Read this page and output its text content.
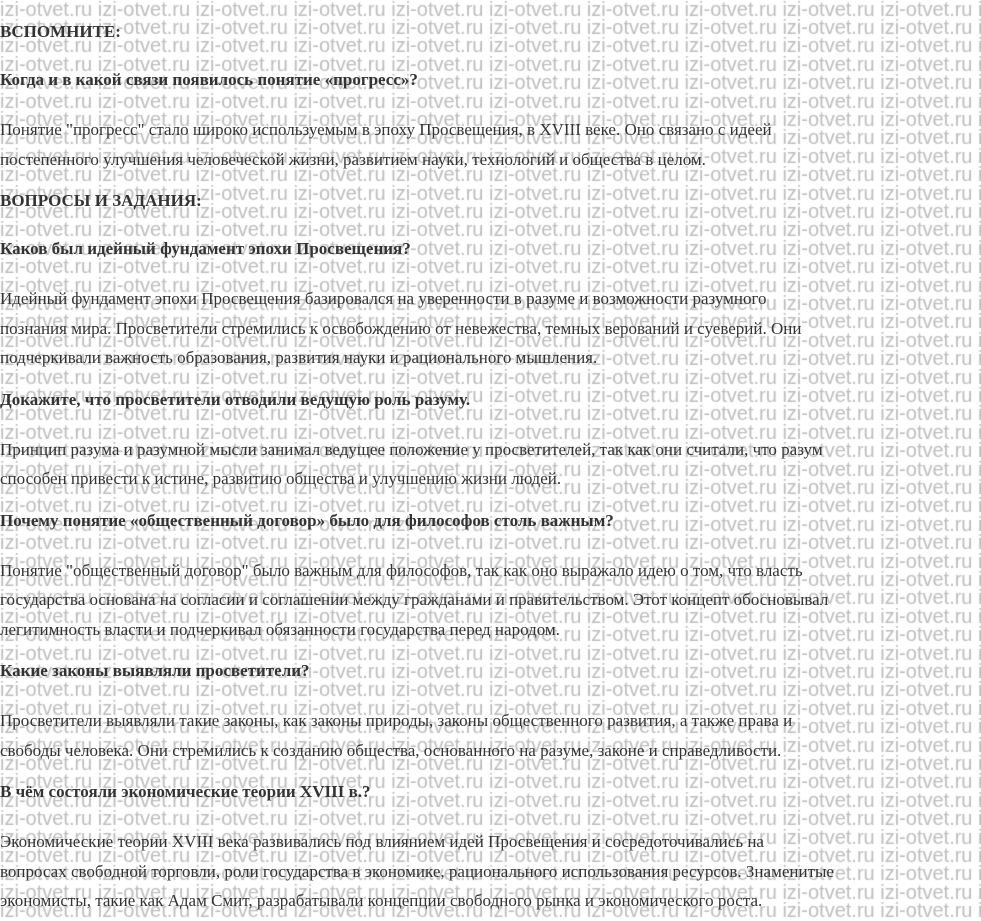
ВСПОМНИТЕ:
Когда и в какой связи появилось понятие «прогресс»?
Понятие "прогресс" стало широко используемым в эпоху Просвещения, в XVIII веке. Оно связано с идеей
постепенного улучшения человеческой жизни, развитием науки, технологий и общества в целом.
ВОПРОСЫ И ЗАДАНИЯ:
Каков был идейный фундамент эпохи Просвещения?
Идейный фундамент эпохи Просвещения базировался на уверенности в разуме и возможности разумного
познания мира. Просветители стремились к освобождению от невежества, темных верований и суеверий. Они
подчеркивали важность образования, развития науки и рационального мышления.
Докажите, что просветители отводили ведущую роль разуму.
Принцип разума и разумной мысли занимал ведущее положение у просветителей, так как они считали, что разум
способен привести к истине, развитию общества и улучшению жизни людей.
Почему понятие «общественный договор» было для философов столь важным?
Понятие "общественный договор" было важным для философов, так как оно выражало идею о том, что власть
государства основана на согласии и соглашении между гражданами и правительством. Этот концепт обосновывал
легитимность власти и подчеркивал обязанности государства перед народом.
Какие законы выявляли просветители?
Просветители выявляли такие законы, как законы природы, законы общественного развития, а также права и
свободы человека. Они стремились к созданию общества, основанного на разуме, законе и справедливости.
В чём состояли экономические теории XVIII в.?
Экономические теории XVIII века развивались под влиянием идей Просвещения и сосредоточивались на
вопросах свободной торговли, роли государства в экономике, рационального использования ресурсов. Знаменитые
экономисты, такие как Адам Смит, разрабатывали концепции свободного рынка и экономического роста.
